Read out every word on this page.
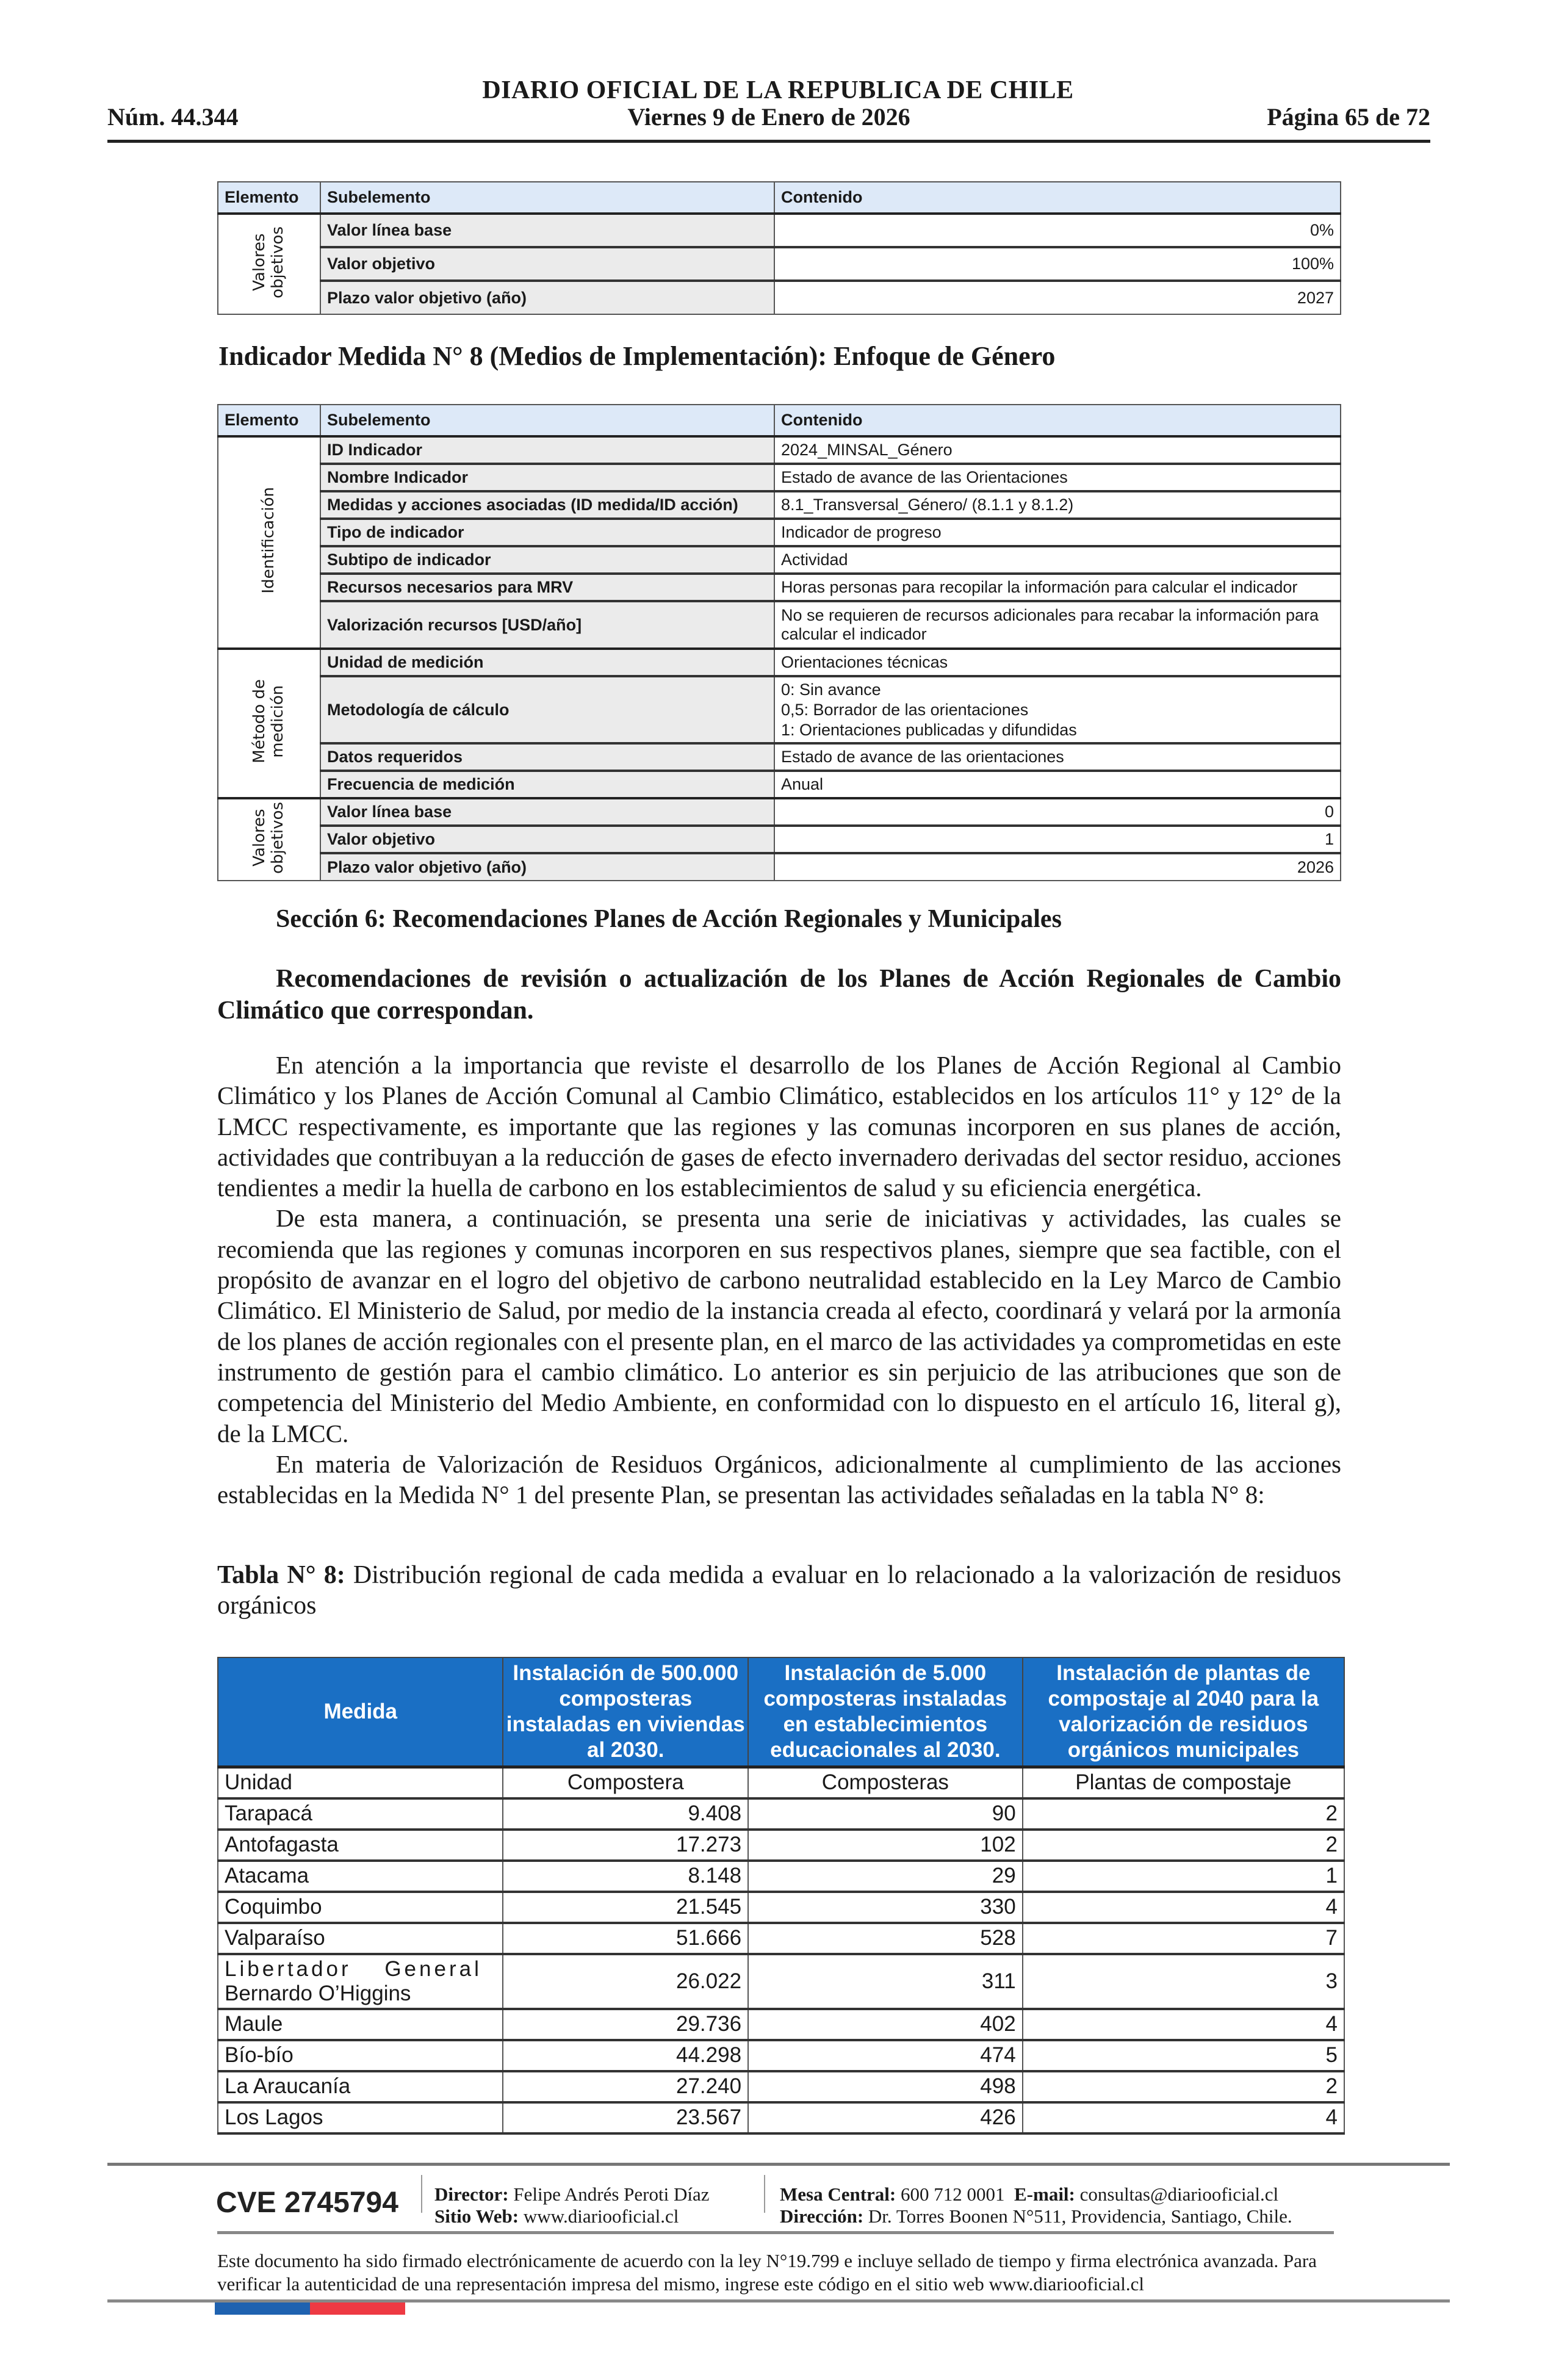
DIARIO OFICIAL DE LA REPUBLICA DE CHILE
Viernes 9 de Enero de 2026
Núm. 44.344	Página 65 de 72
Elemento	Subelemento	Contenido
Valores
objetivos	Valor línea base	0%
	Valor objetivo	100%
	Plazo valor objetivo (año)	2027
Indicador Medida N° 8 (Medios de Implementación): Enfoque de Género
Elemento	Subelemento	Contenido
Identificación	ID Indicador	2024_MINSAL_Género
	Nombre Indicador	Estado de avance de las Orientaciones
	Medidas y acciones asociadas (ID medida/ID acción)	8.1_Transversal_Género/ (8.1.1 y 8.1.2)
	Tipo de indicador	Indicador de progreso
	Subtipo de indicador	Actividad
	Recursos necesarios para MRV	Horas personas para recopilar la información para calcular el indicador
	Valorización recursos [USD/año]	No se requieren de recursos adicionales para recabar la información para calcular el indicador
Método de
medición	Unidad de medición	Orientaciones técnicas
	Metodología de cálculo	0: Sin avance
0,5: Borrador de las orientaciones
1: Orientaciones publicadas y difundidas

	Datos requeridos	Estado de avance de las orientaciones
	Frecuencia de medición	Anual
Valores
objetivos	Valor línea base	0
	Valor objetivo	1
	Plazo valor objetivo (año)	2026
Sección 6: Recomendaciones Planes de Acción Regionales y Municipales
Recomendaciones de revisión o actualización de los Planes de Acción Regionales de Cambio Climático que correspondan.

En atención a la importancia que reviste el desarrollo de los Planes de Acción Regional al Cambio Climático y los Planes de Acción Comunal al Cambio Climático, establecidos en los artículos 11° y 12° de la LMCC respectivamente, es importante que las regiones y las comunas incorporen en sus planes de acción, actividades que contribuyan a la reducción de gases de efecto invernadero derivadas del sector residuo, acciones tendientes a medir la huella de carbono en los establecimientos de salud y su eficiencia energética.

De esta manera, a continuación, se presenta una serie de iniciativas y actividades, las cuales se recomienda que las regiones y comunas incorporen en sus respectivos planes, siempre que sea factible, con el propósito de avanzar en el logro del objetivo de carbono neutralidad establecido en la Ley Marco de Cambio Climático. El Ministerio de Salud, por medio de la instancia creada al efecto, coordinará y velará por la armonía de los planes de acción regionales con el presente plan, en el marco de las actividades ya comprometidas en este instrumento de gestión para el cambio climático. Lo anterior es sin perjuicio de las atribuciones que son de competencia del Ministerio del Medio Ambiente, en conformidad con lo dispuesto en el artículo 16, literal g), de la LMCC.

En materia de Valorización de Residuos Orgánicos, adicionalmente al cumplimiento de las acciones establecidas en la Medida N° 1 del presente Plan, se presentan las actividades señaladas en la tabla N° 8:

Tabla N° 8: Distribución regional de cada medida a evaluar en lo relacionado a la valorización de residuos orgánicos
Medida	Instalación de 500.000 composteras instaladas en viviendas al 2030.	Instalación de 5.000 composteras instaladas en establecimientos educacionales al 2030.	Instalación de plantas de compostaje al 2040 para la valorización de residuos orgánicos municipales
Unidad	Compostera	Composteras	Plantas de compostaje
Tarapacá	9.408	90	2
Antofagasta	17.273	102	2
Atacama	8.148	29	1
Coquimbo	21.545	330	4
Valparaíso	51.666	528	7

Libertador General
Bernardo O’Higgins	26.022	311	3
Maule	29.736	402	4
Bío-bío	44.298	474	5
La Araucanía	27.240	498	2
Los Lagos	23.567	426	4
CVE 2745794 Director: Felipe Andrés Peroti Díaz
Sitio Web: www.diariooficial.cl
Mesa Central: 600 712 0001 E-mail: consultas@diariooficial.cl
Dirección: Dr. Torres Boonen N°511, Providencia, Santiago, Chile.
Este documento ha sido firmado electrónicamente de acuerdo con la ley N°19.799 e incluye sellado de tiempo y firma electrónica avanzada. Para verificar la autenticidad de una representación impresa del mismo, ingrese este código en el sitio web www.diariooficial.cl
